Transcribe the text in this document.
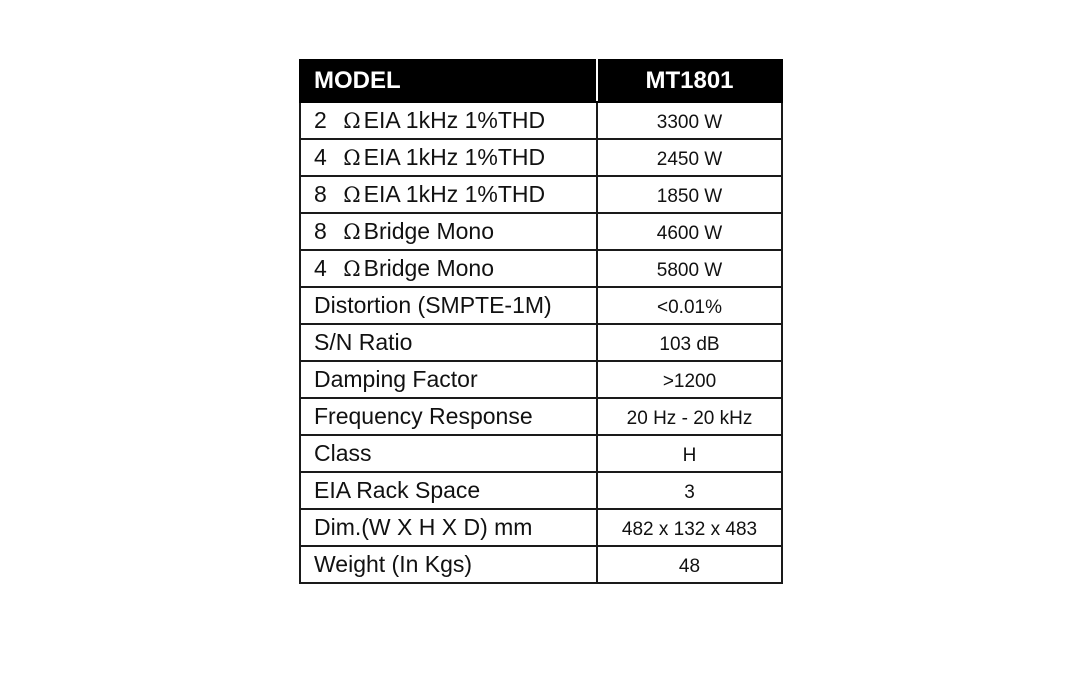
MODEL	MT1801
2 Ω EIA 1kHz 1%THD	3300 W
4 Ω EIA 1kHz 1%THD	2450 W
8 Ω EIA 1kHz 1%THD	1850 W
8 Ω Bridge Mono	4600 W
4 Ω Bridge Mono	5800 W
Distortion (SMPTE-1M)	<0.01%
S/N Ratio	103 dB
Damping Factor	>1200
Frequency Response	20 Hz - 20 kHz
Class	H
EIA Rack Space	3
Dim.(W X H X D) mm	482 x 132 x 483
Weight (In Kgs)	48
